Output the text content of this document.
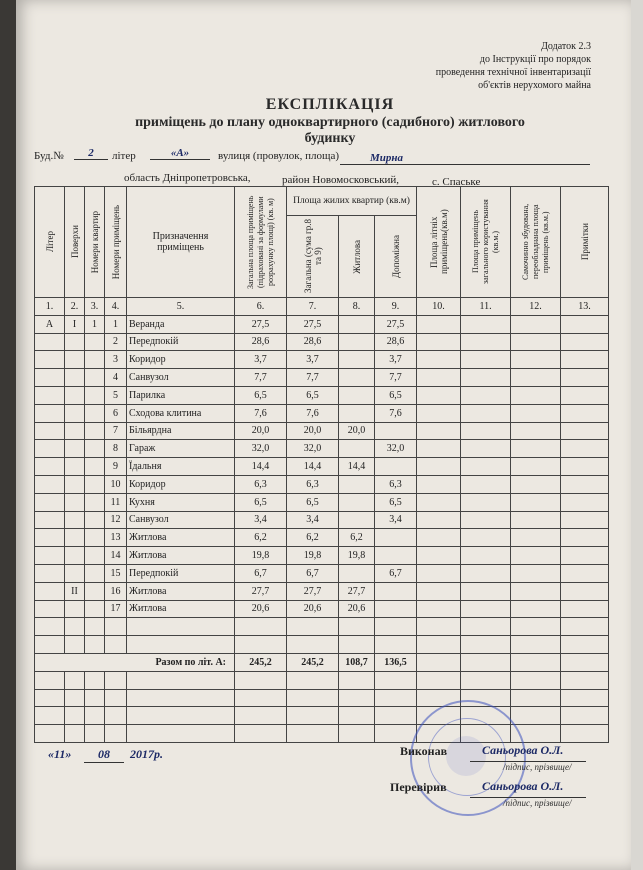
Додаток 2.3
до Інструкції про порядок
проведення технічної інвентаризації
об'єктів нерухомого майна
ЕКСПЛІКАЦІЯ
приміщень до плану одноквартирного (садибного) житлового будинку
Буд.№	2	літер	«А»	вулиця (провулок, площа)	Мирна
область Дніпропетровська,	район Новомосковський,	с. Спаське
Літер	Поверхи	Номери квартир	Номери приміщень	Призначення приміщень	Загальна площа приміщень (підраховані за формулами розрахунку площі) (кв. м)	Площа жилих квартир (кв.м)			Площа літніх приміщень(кв.м)	Площа приміщень загального користування (кв.м.)	Самочинно збудована, переобладнана площа приміщень (кв.м.)	Примітки

						Загальна (сума гр.8 та 9)	Житлова	Допоміжна				

1.	2.	3.	4.	5.	6.	7.	8.	9.	10.	11.	12.	13.
А	І	1	1	Веранда	27,5	27,5		27,5				
			2	Передпокій	28,6	28,6		28,6				
			3	Коридор	3,7	3,7		3,7				
			4	Санвузол	7,7	7,7		7,7				
			5	Парилка	6,5	6,5		6,5				
			6	Сходова клитина	7,6	7,6		7,6				
			7	Більярдна	20,0	20,0	20,0					
			8	Гараж	32,0	32,0		32,0				
			9	Їдальня	14,4	14,4	14,4					
			10	Коридор	6,3	6,3		6,3				
			11	Кухня	6,5	6,5		6,5				
			12	Санвузол	3,4	3,4		3,4				
			13	Житлова	6,2	6,2	6,2					
			14	Житлова	19,8	19,8	19,8					
			15	Передпокій	6,7	6,7		6,7				
	ІІ		16	Житлова	27,7	27,7	27,7					
			17	Житлова	20,6	20,6	20,6					

Разом по літ. А:					245,2	245,2	108,7	136,5				

«11»	08	2017р.	Виконав	Саньорова О.Л.
/підпис, прізвище/
Перевірив	Саньорова О.Л.
/підпис, прізвище/
